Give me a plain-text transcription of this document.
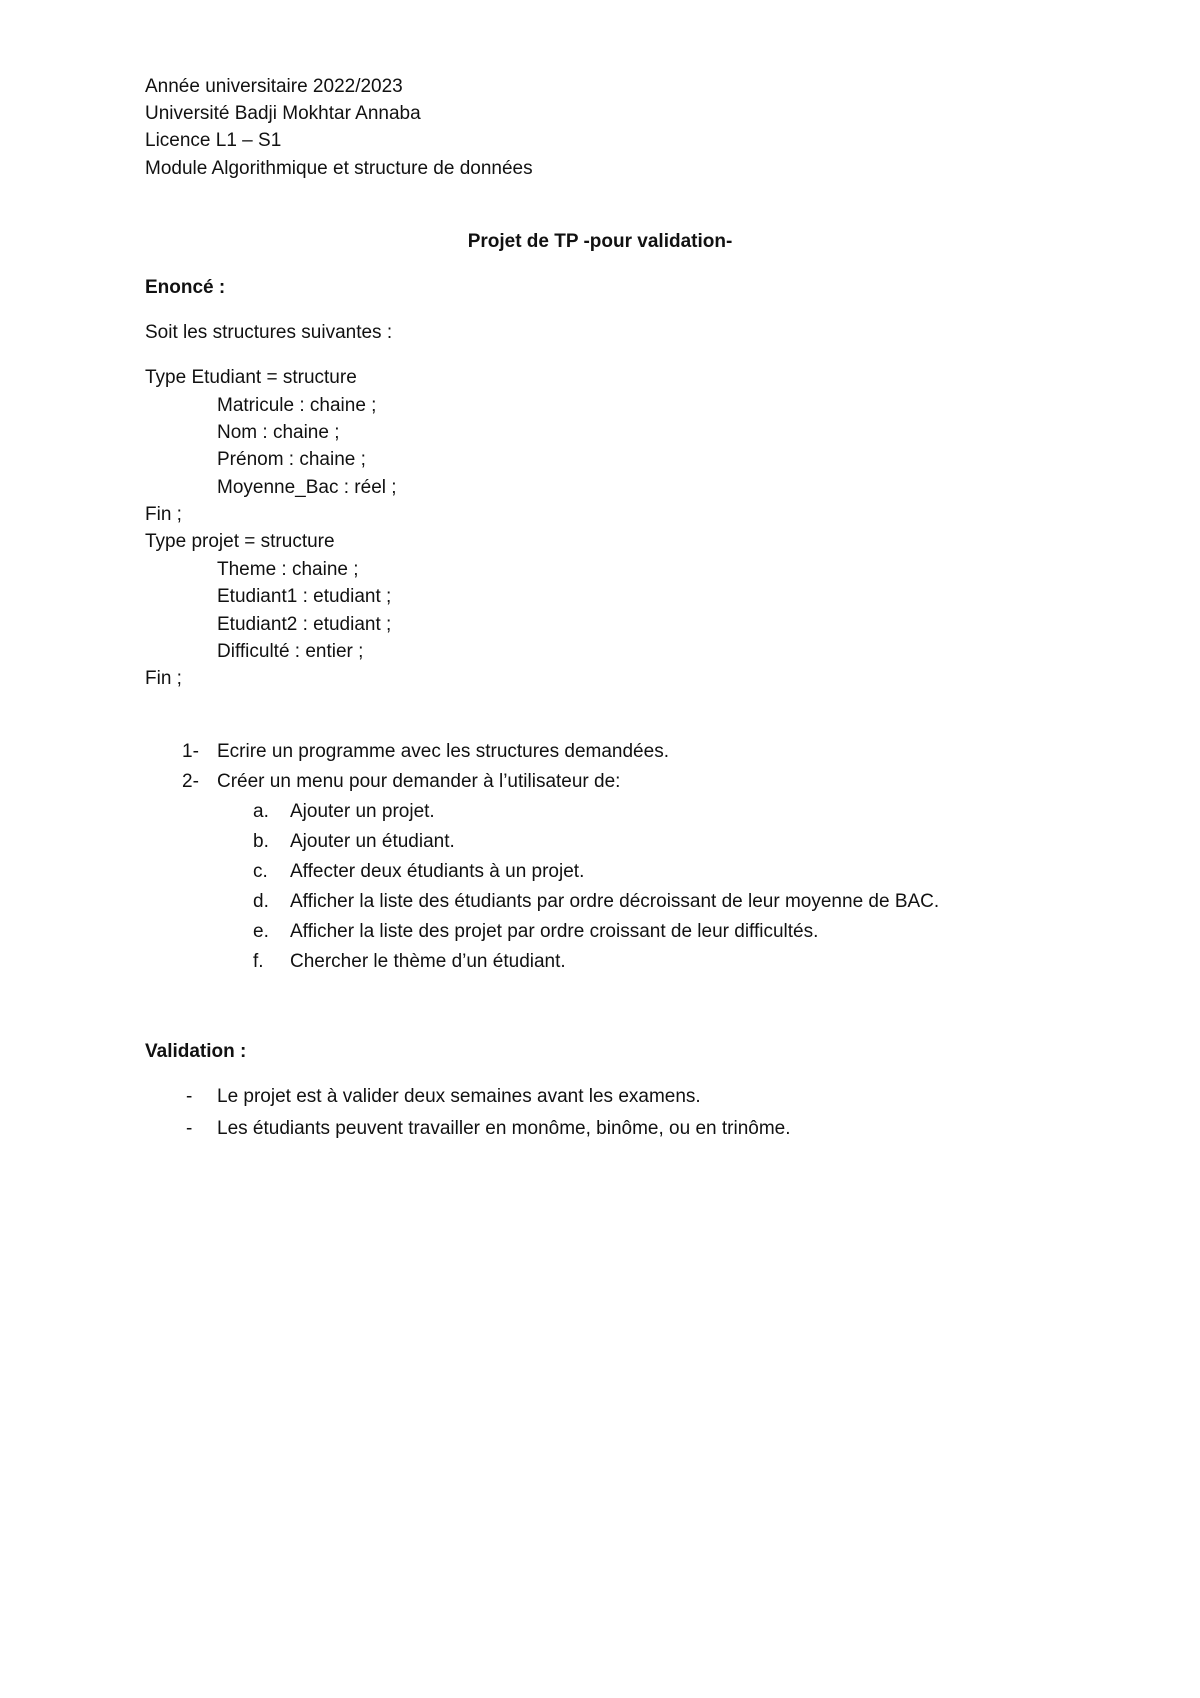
Année universitaire 2022/2023
Université Badji Mokhtar Annaba
Licence L1 – S1
Module Algorithmique et structure de données
Projet de TP -pour validation-
Enoncé :
Soit les structures suivantes :
Type Etudiant = structure
Matricule : chaine ;
Nom : chaine ;
Prénom : chaine ;
Moyenne_Bac : réel ;
Fin ;
Type projet = structure
Theme : chaine ;
Etudiant1 : etudiant ;
Etudiant2 : etudiant ;
Difficulté : entier ;
Fin ;
1- Ecrire un programme avec les structures demandées.
2- Créer un menu pour demander à l’utilisateur de:
a. Ajouter un projet.
b. Ajouter un étudiant.
c. Affecter deux étudiants à un projet.
d. Afficher la liste des étudiants par ordre décroissant de leur moyenne de BAC.
e. Afficher la liste des projet par ordre croissant de leur difficultés.
f. Chercher le thème d’un étudiant.
Validation :
- Le projet est à valider deux semaines avant les examens.
- Les étudiants peuvent travailler en monôme, binôme, ou en trinôme.
